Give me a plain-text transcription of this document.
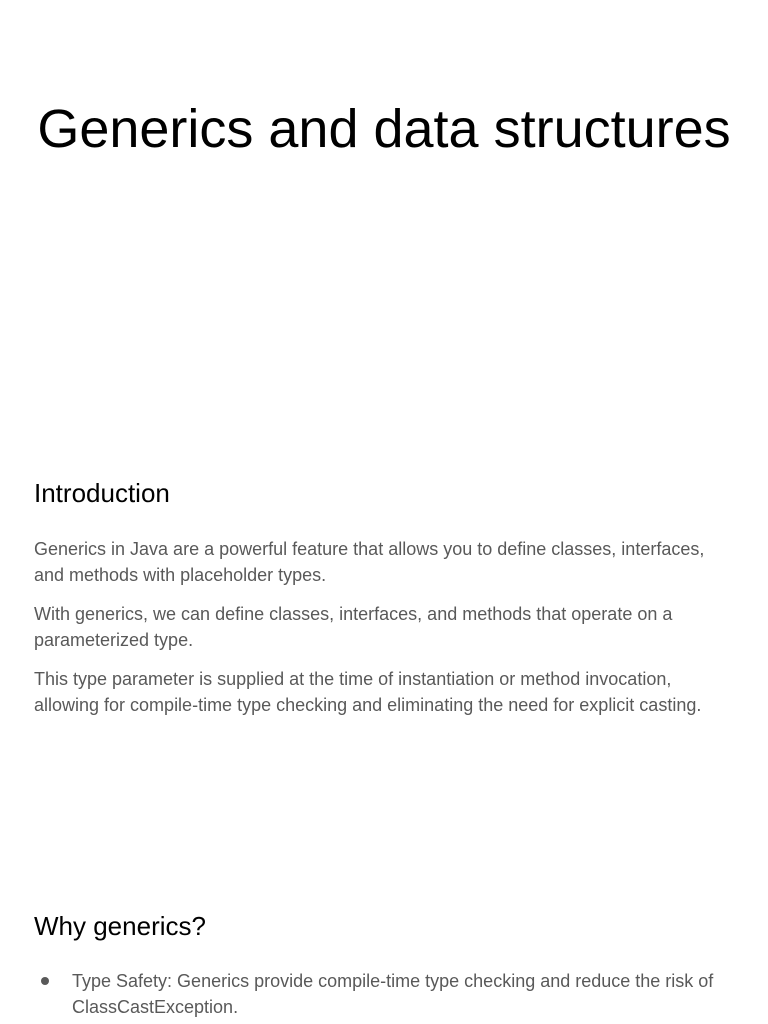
Generics and data structures
Introduction

Generics in Java are a powerful feature that allows you to define classes, interfaces, and methods with placeholder types.

With generics, we can define classes, interfaces, and methods that operate on a parameterized type.

This type parameter is supplied at the time of instantiation or method invocation, allowing for compile-time type checking and eliminating the need for explicit casting.

Why generics?
Type Safety: Generics provide compile-time type checking and reduce the risk of ClassCastException.
